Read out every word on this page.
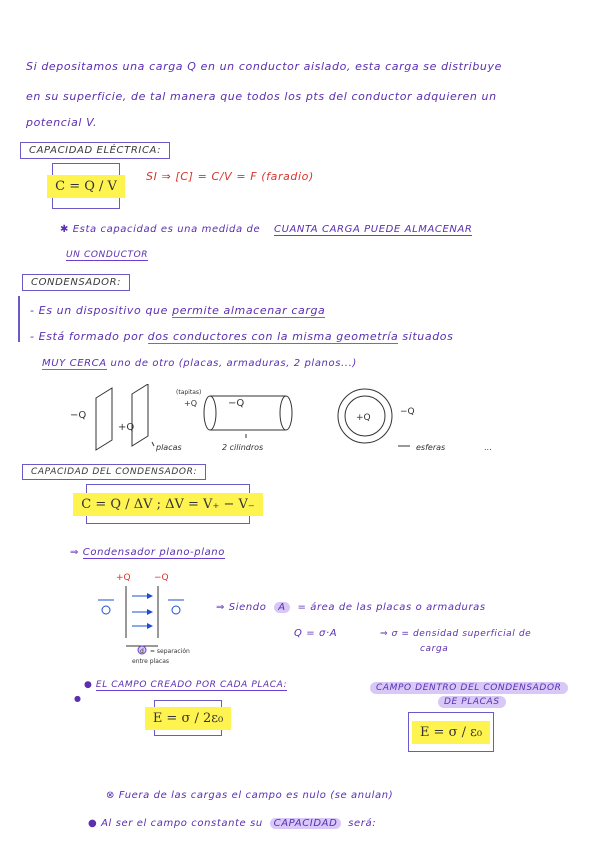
Si depositamos una carga Q en un conductor aislado, esta carga se distribuye
en su superficie, de tal manera que todos los pts del conductor adquieren un
potencial V.
CAPACIDAD ELÉCTRICA:
C = Q / V
SI ⇒ [C] = C/V = F (faradio)
✱ Esta capacidad es una medida de CUANTA CARGA PUEDE ALMACENAR
UN CONDUCTOR
CONDENSADOR:
- Es un dispositivo que permite almacenar carga
- Está formado por dos conductores con la misma geometría situados
MUY CERCA uno de otro (placas, armaduras, 2 planos...)
−Q
+Q
placas
(tapitas)
+Q	−Q
2 cilindros
+Q
−Q
esferas	...
CAPACIDAD DEL CONDENSADOR:
C = Q / ΔV ; ΔV = V₊ − V₋
⇒ Condensador plano-plano
+Q	−Q
d = separación
entre placas
⇒ Siendo A = área de las placas o armaduras
Q = σ·A	⇒ σ = densidad superficial de
carga
● EL CAMPO CREADO POR CADA PLACA:
●
E = σ / 2ε₀
CAMPO DENTRO DEL CONDENSADOR
DE PLACAS
E = σ / ε₀
⊗ Fuera de las cargas el campo es nulo (se anulan)
● Al ser el campo constante su CAPACIDAD será:
